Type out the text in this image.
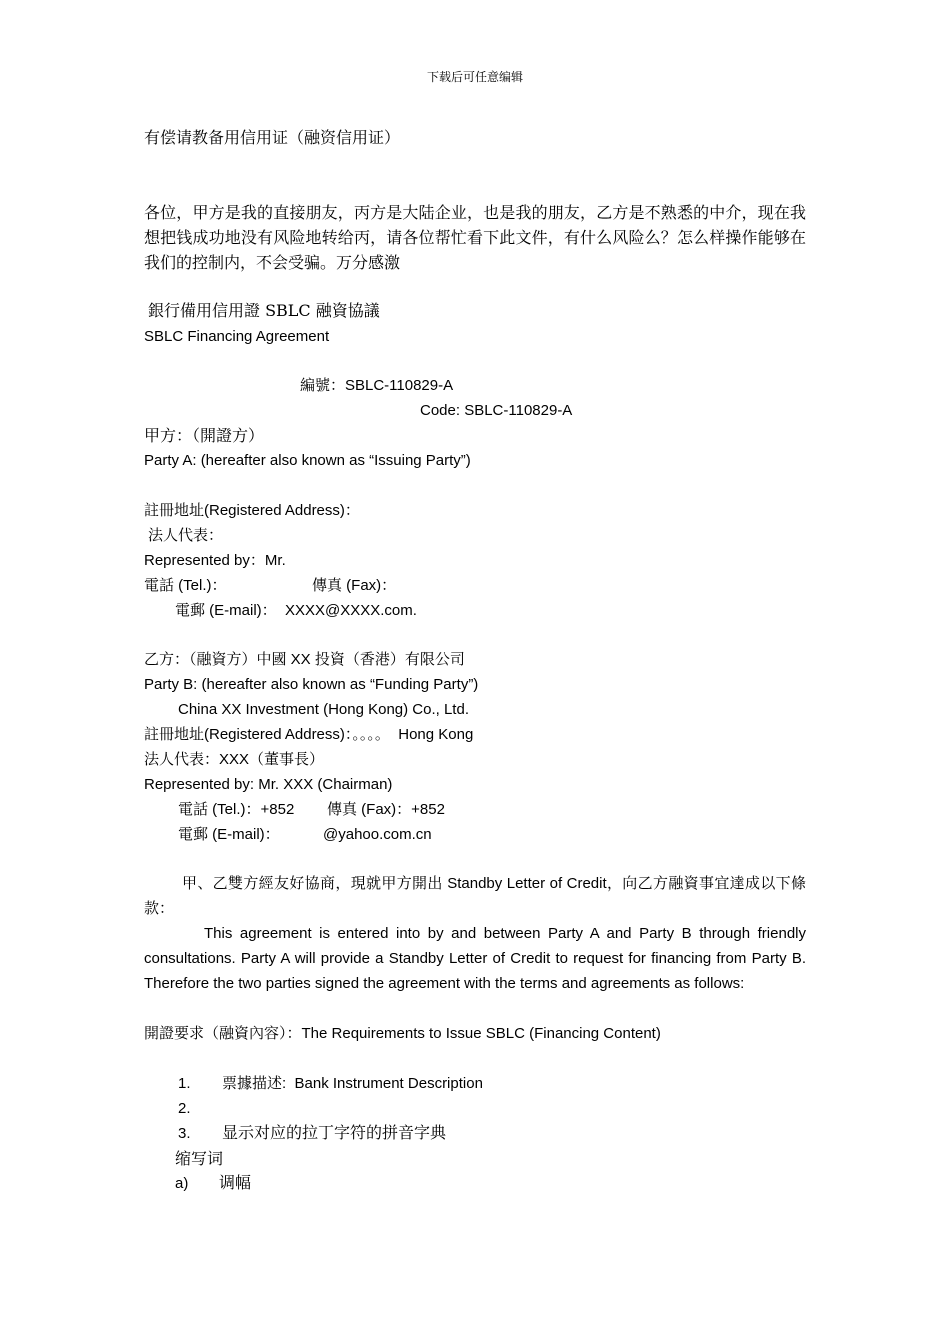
下载后可任意编辑
有偿请教备用信用证（融资信用证）
各位，甲方是我的直接朋友，丙方是大陆企业，也是我的朋友，乙方是不熟悉的中介，现在我想把钱成功地没有风险地转给丙，请各位帮忙看下此文件，有什么风险么？怎么样操作能够在我们的控制内，不会受骗。万分感激
銀行備用信用證 SBLC 融資協議
SBLC Financing Agreement
編號：SBLC-110829-A
Code: SBLC-110829-A
甲方：（開證方）
Party A: (hereafter also known as “Issuing Party”)
註冊地址(Registered Address)：
法人代表：
Represented by：Mr.
電話 (Tel.)：	傳真 (Fax)：
電郵 (E-mail)：  XXXX@XXXX.com.
乙方：（融資方）中國 XX 投資（香港）有限公司
Party B: (hereafter also known as “Funding Party”)
China XX Investment (Hong Kong) Co., Ltd.
註冊地址(Registered Address)：。。。。  Hong Kong
法人代表：XXX（董事長）
Represented by: Mr. XXX (Chairman)
電話 (Tel.)：+852 傳真 (Fax)：+852
電郵 (E-mail)：	@yahoo.com.cn
甲、乙雙方經友好協商，現就甲方開出 Standby Letter of Credit，向乙方融資事宜達成以下條款：
This agreement is entered into by and between Party A and Party B through friendly consultations. Party A will provide a Standby Letter of Credit to request for financing from Party B. Therefore the two parties signed the agreement with the terms and agreements as follows:
開證要求（融資內容）：The Requirements to Issue SBLC (Financing Content)
1. 票據描述:  Bank Instrument Description
2.
3. 显示对应的拉丁字符的拼音字典
缩写词
a) 调幅
